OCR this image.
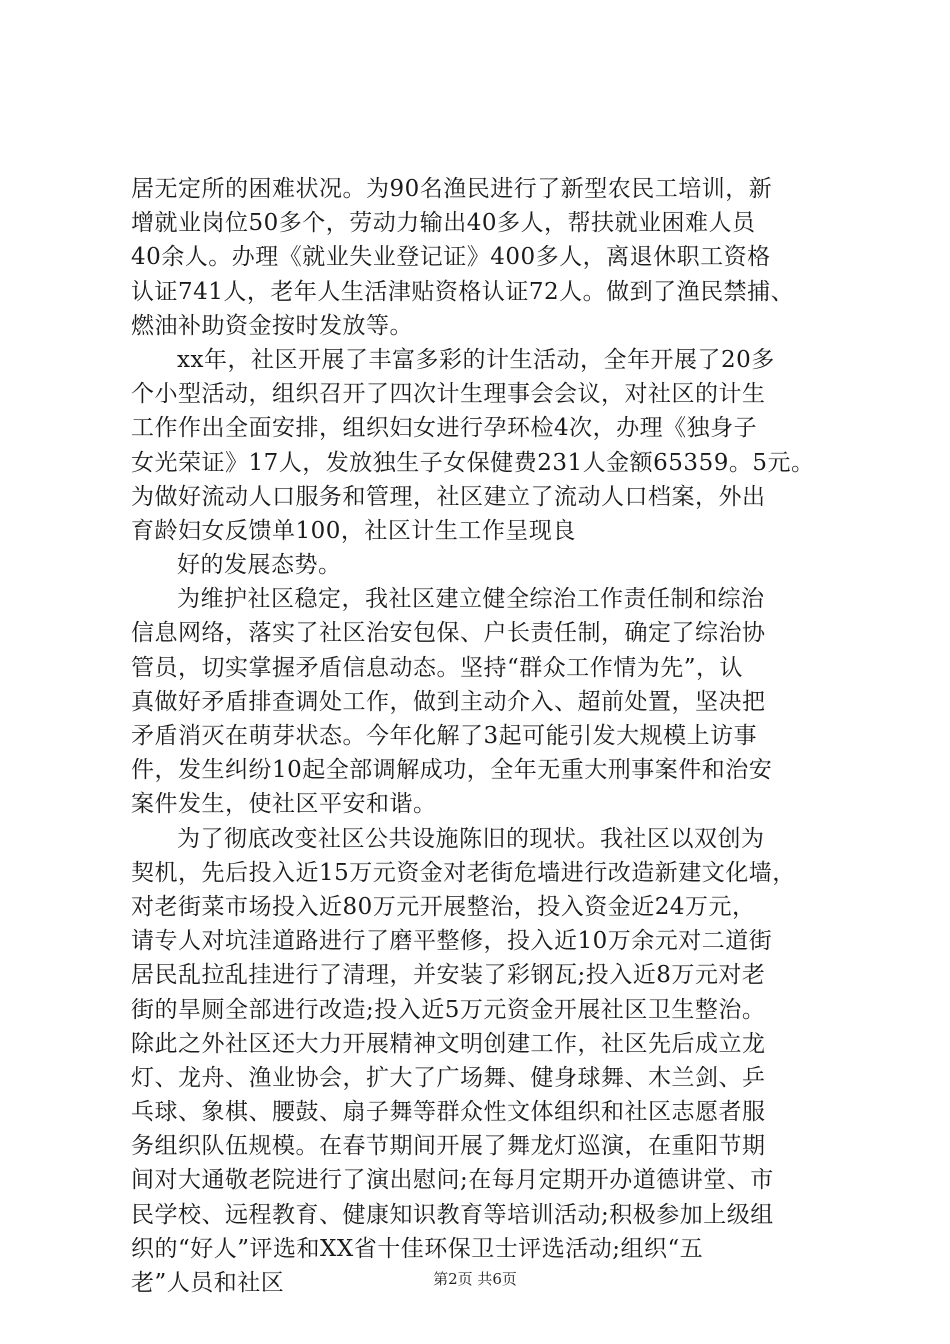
居无定所的困难状况。为90名渔民进行了新型农民工培训，新
增就业岗位50多个，劳动力输出40多人，帮扶就业困难人员
40余人。办理《就业失业登记证》400多人，离退休职工资格
认证741人，老年人生活津贴资格认证72人。做到了渔民禁捕、
燃油补助资金按时发放等。
xx年，社区开展了丰富多彩的计生活动，全年开展了20多
个小型活动，组织召开了四次计生理事会会议，对社区的计生
工作作出全面安排，组织妇女进行孕环检4次，办理《独身子
女光荣证》17人，发放独生子女保健费231人金额65359。5元。
为做好流动人口服务和管理，社区建立了流动人口档案，外出
育龄妇女反馈单100，社区计生工作呈现良
好的发展态势。
为维护社区稳定，我社区建立健全综治工作责任制和综治
信息网络，落实了社区治安包保、户长责任制，确定了综治协
管员，切实掌握矛盾信息动态。坚持“群众工作情为先”，认
真做好矛盾排查调处工作，做到主动介入、超前处置，坚决把
矛盾消灭在萌芽状态。今年化解了3起可能引发大规模上访事
件，发生纠纷10起全部调解成功，全年无重大刑事案件和治安
案件发生，使社区平安和谐。
为了彻底改变社区公共设施陈旧的现状。我社区以双创为
契机，先后投入近15万元资金对老街危墙进行改造新建文化墙，
对老街菜市场投入近80万元开展整治，投入资金近24万元，
请专人对坑洼道路进行了磨平整修，投入近10万余元对二道街
居民乱拉乱挂进行了清理，并安装了彩钢瓦;投入近8万元对老
街的旱厕全部进行改造;投入近5万元资金开展社区卫生整治。
除此之外社区还大力开展精神文明创建工作，社区先后成立龙
灯、龙舟、渔业协会，扩大了广场舞、健身球舞、木兰剑、乒
乓球、象棋、腰鼓、扇子舞等群众性文体组织和社区志愿者服
务组织队伍规模。在春节期间开展了舞龙灯巡演，在重阳节期
间对大通敬老院进行了演出慰问;在每月定期开办道德讲堂、市
民学校、远程教育、健康知识教育等培训活动;积极参加上级组
织的“好人”评选和XX省十佳环保卫士评选活动;组织“五
老”人员和社区	第2页 共6页
